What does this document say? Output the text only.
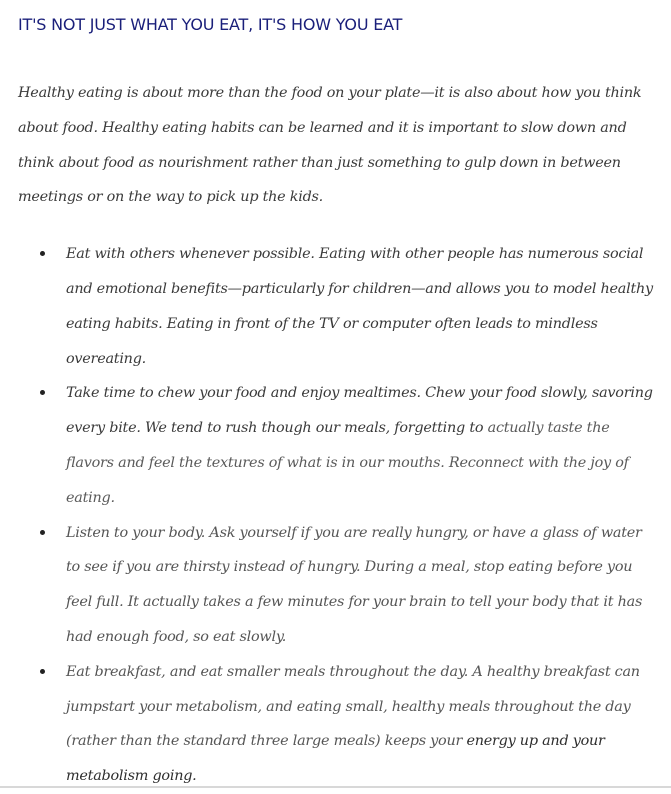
IT'S NOT JUST WHAT YOU EAT, IT'S HOW YOU EAT

Healthy eating is about more than the food on your plate—it is also about how you think about food. Healthy eating habits can be learned and it is important to slow down and think about food as nourishment rather than just something to gulp down in between meetings or on the way to pick up the kids.

Eat with others whenever possible. Eating with other people has numerous social and emotional benefits—particularly for children—and allows you to model healthy eating habits. Eating in front of the TV or computer often leads to mindless overeating.
Take time to chew your food and enjoy mealtimes. Chew your food slowly, savoring every bite. We tend to rush though our meals, forgetting to actually taste the flavors and feel the textures of what is in our mouths. Reconnect with the joy of eating.
Listen to your body. Ask yourself if you are really hungry, or have a glass of water to see if you are thirsty instead of hungry. During a meal, stop eating before you feel full. It actually takes a few minutes for your brain to tell your body that it has had enough food, so eat slowly.
Eat breakfast, and eat smaller meals throughout the day. A healthy breakfast can jumpstart your metabolism, and eating small, healthy meals throughout the day (rather than the standard three large meals) keeps your energy up and your metabolism going.
